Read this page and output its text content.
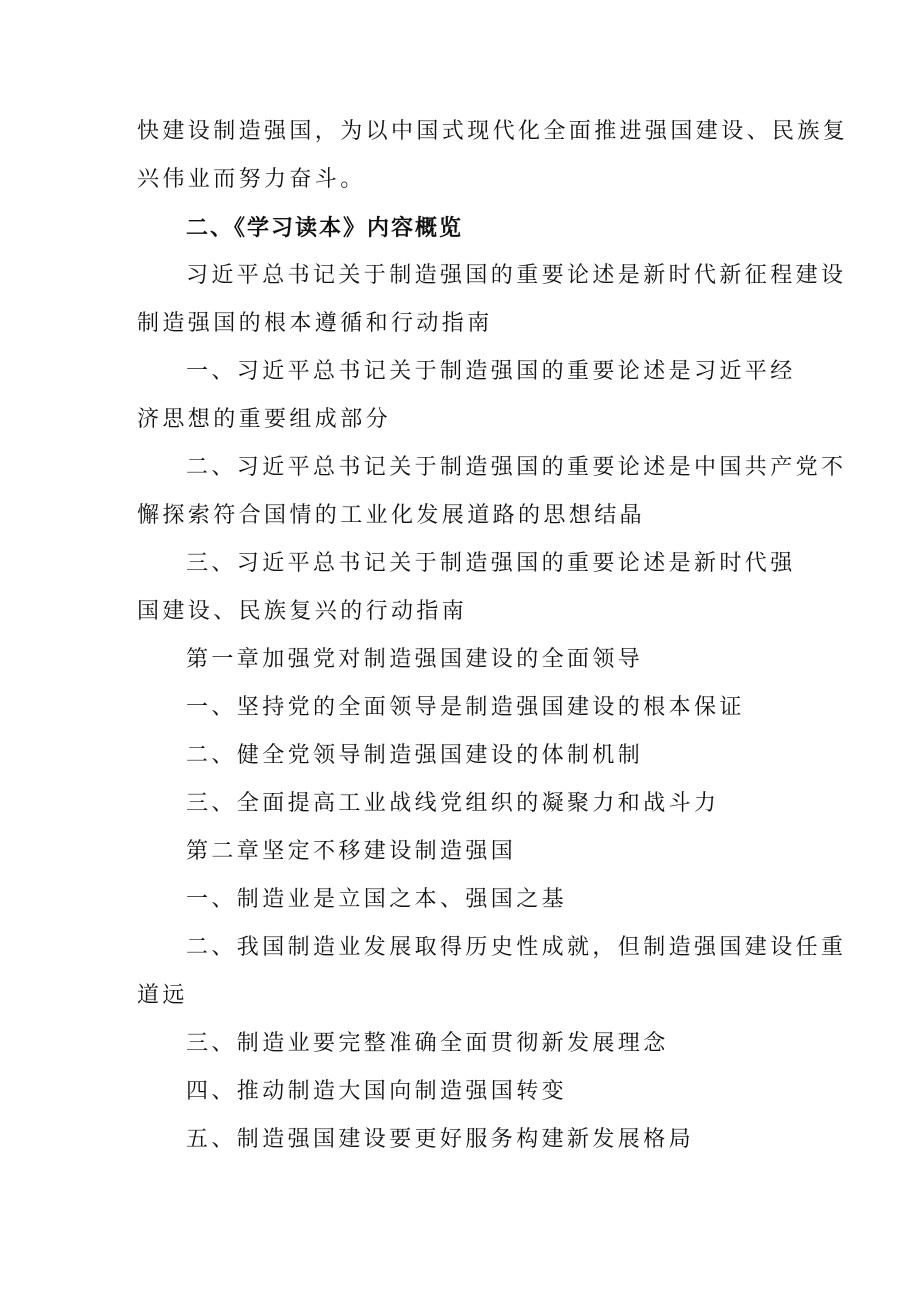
快建设制造强国，为以中国式现代化全面推进强国建设、民族复
兴伟业而努力奋斗。
二、《学习读本》内容概览
习近平总书记关于制造强国的重要论述是新时代新征程建设
制造强国的根本遵循和行动指南
一、习近平总书记关于制造强国的重要论述是习近平经
济思想的重要组成部分
二、习近平总书记关于制造强国的重要论述是中国共产党不
懈探索符合国情的工业化发展道路的思想结晶
三、习近平总书记关于制造强国的重要论述是新时代强
国建设、民族复兴的行动指南
第一章加强党对制造强国建设的全面领导
一、坚持党的全面领导是制造强国建设的根本保证
二、健全党领导制造强国建设的体制机制
三、全面提高工业战线党组织的凝聚力和战斗力
第二章坚定不移建设制造强国
一、制造业是立国之本、强国之基
二、我国制造业发展取得历史性成就，但制造强国建设任重
道远
三、制造业要完整准确全面贯彻新发展理念
四、推动制造大国向制造强国转变
五、制造强国建设要更好服务构建新发展格局
